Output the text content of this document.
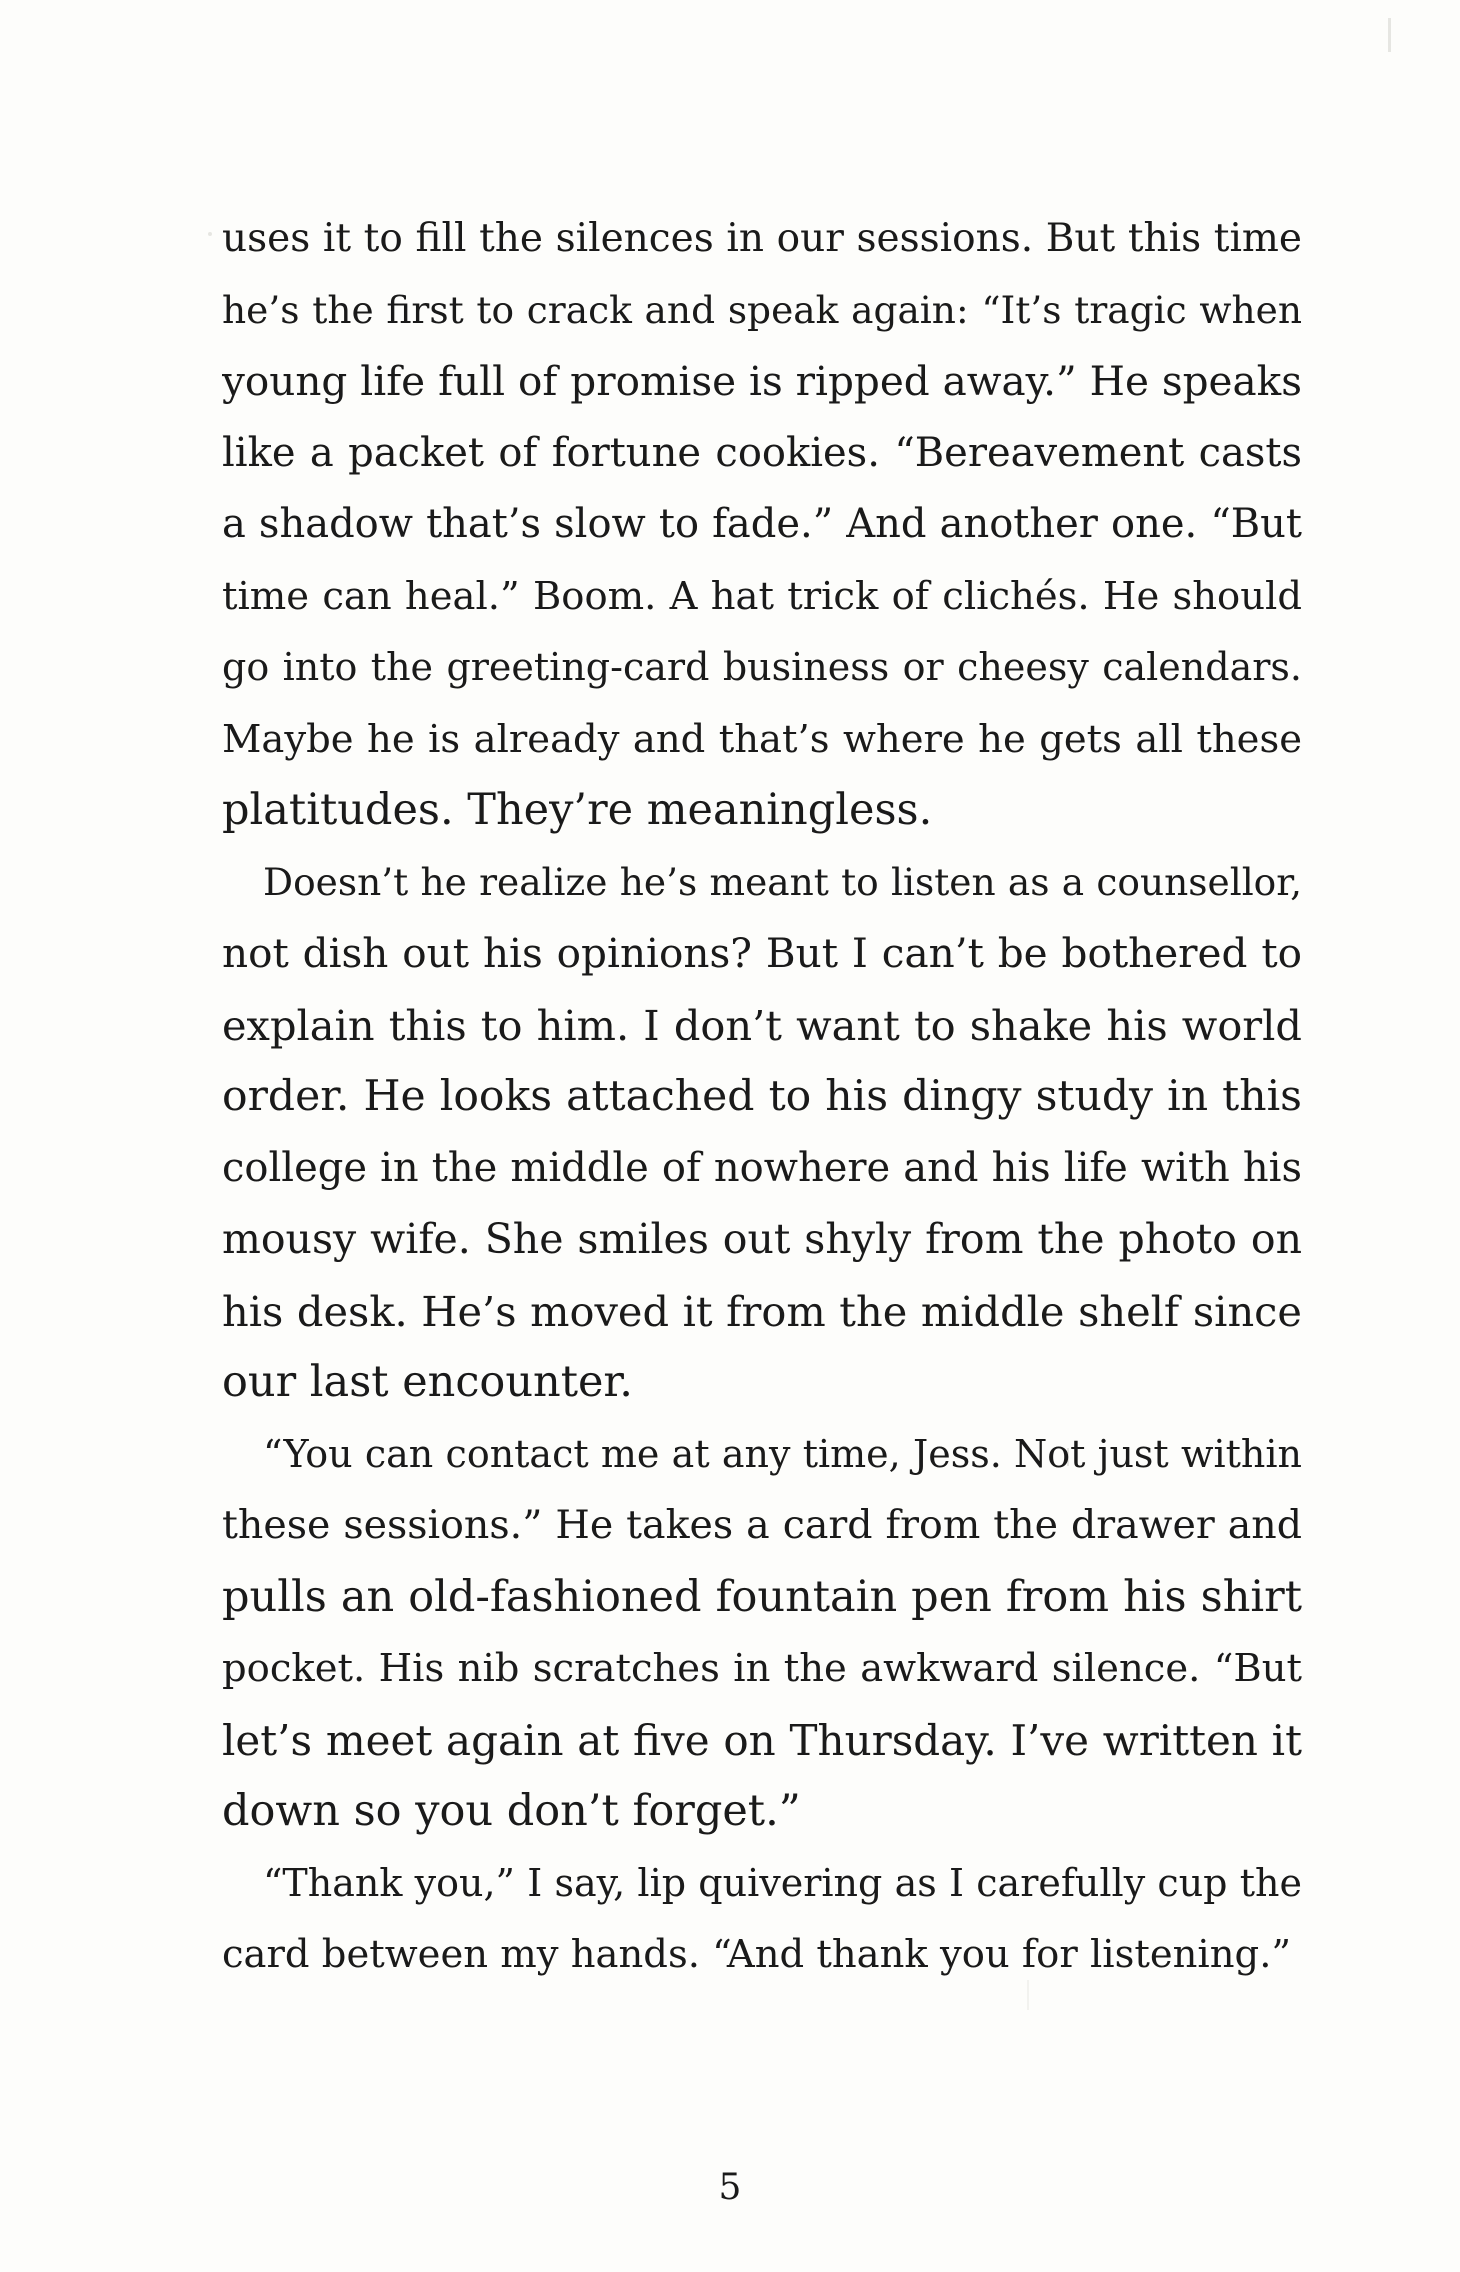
uses it to fill the silences in our sessions. But this time
he’s the first to crack and speak again: “It’s tragic when
young life full of promise is ripped away.” He speaks
like a packet of fortune cookies. “Bereavement casts
a shadow that’s slow to fade.” And another one. “But
time can heal.” Boom. A hat trick of clichés. He should
go into the greeting-card business or cheesy calendars.
Maybe he is already and that’s where he gets all these
platitudes. They’re meaningless.
Doesn’t he realize he’s meant to listen as a counsellor,
not dish out his opinions? But I can’t be bothered to
explain this to him. I don’t want to shake his world
order. He looks attached to his dingy study in this
college in the middle of nowhere and his life with his
mousy wife. She smiles out shyly from the photo on
his desk. He’s moved it from the middle shelf since
our last encounter.
“You can contact me at any time, Jess. Not just within
these sessions.” He takes a card from the drawer and
pulls an old-fashioned fountain pen from his shirt
pocket. His nib scratches in the awkward silence. “But
let’s meet again at five on Thursday. I’ve written it
down so you don’t forget.”
“Thank you,” I say, lip quivering as I carefully cup the
card between my hands. “And thank you for listening.”
5
